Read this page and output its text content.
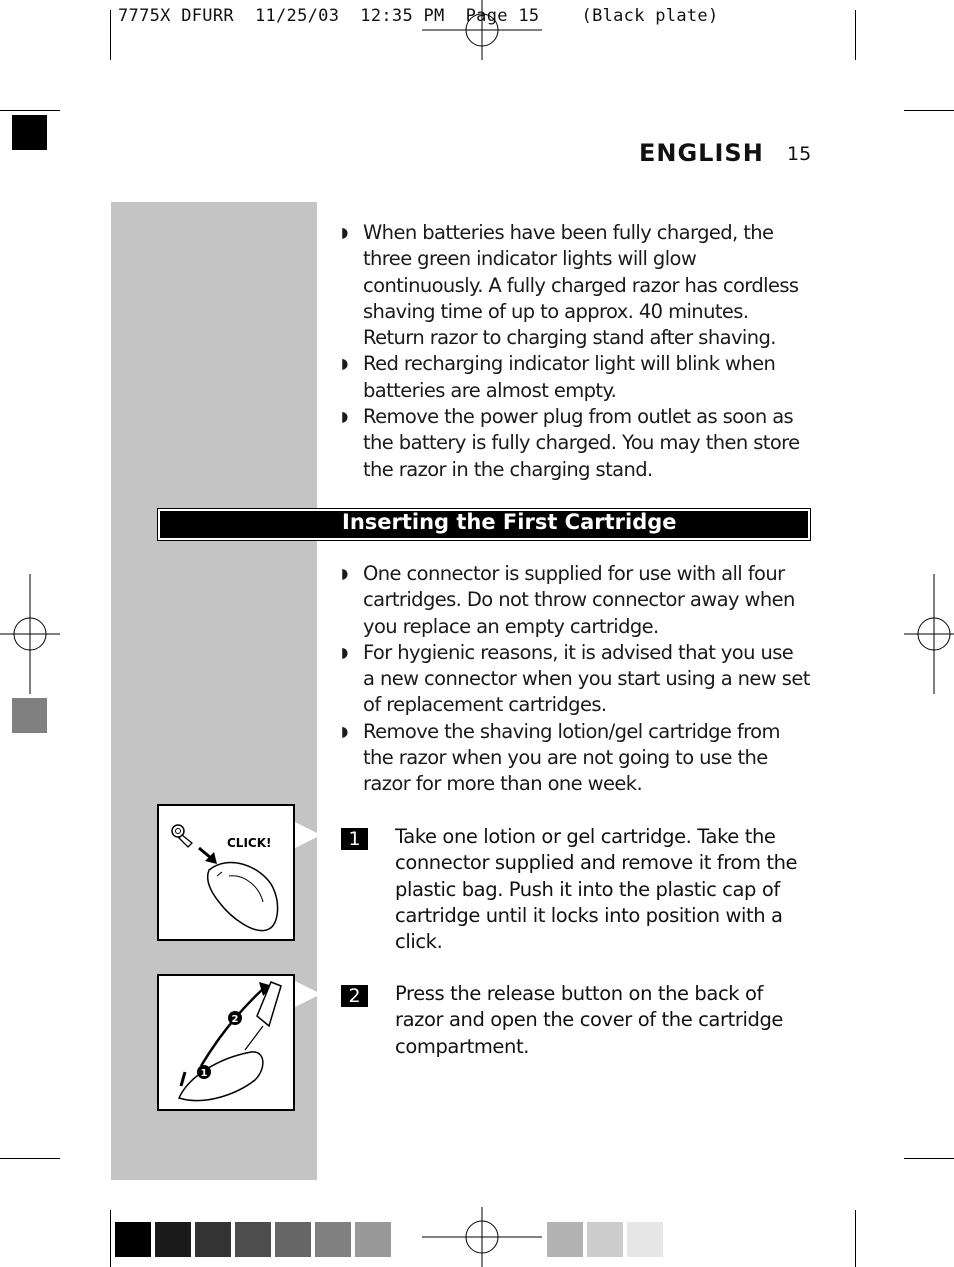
7775X DFURR  11/25/03  12:35 PM  Page 15    (Black plate)
ENGLISH 15
◗ When batteries have been fully charged, the three green indicator lights will glow continuously. A fully charged razor has cordless shaving time of up to approx. 40 minutes. Return razor to charging stand after shaving.
◗ Red recharging indicator light will blink when batteries are almost empty.
◗ Remove the power plug from outlet as soon as the battery is fully charged. You may then store the razor in the charging stand.
Inserting the First Cartridge
◗ One connector is supplied for use with all four cartridges. Do not throw connector away when you replace an empty cartridge.
◗ For hygienic reasons, it is advised that you use a new connector when you start using a new set of replacement cartridges.
◗ Remove the shaving lotion/gel cartridge from the razor when you are not going to use the razor for more than one week.
CLICK!	1	Take one lotion or gel cartridge. Take the connector supplied and remove it from the plastic bag. Push it into the plastic cap of cartridge until it locks into position with a click.
1
2
2	Press the release button on the back of razor and open the cover of the cartridge compartment.
